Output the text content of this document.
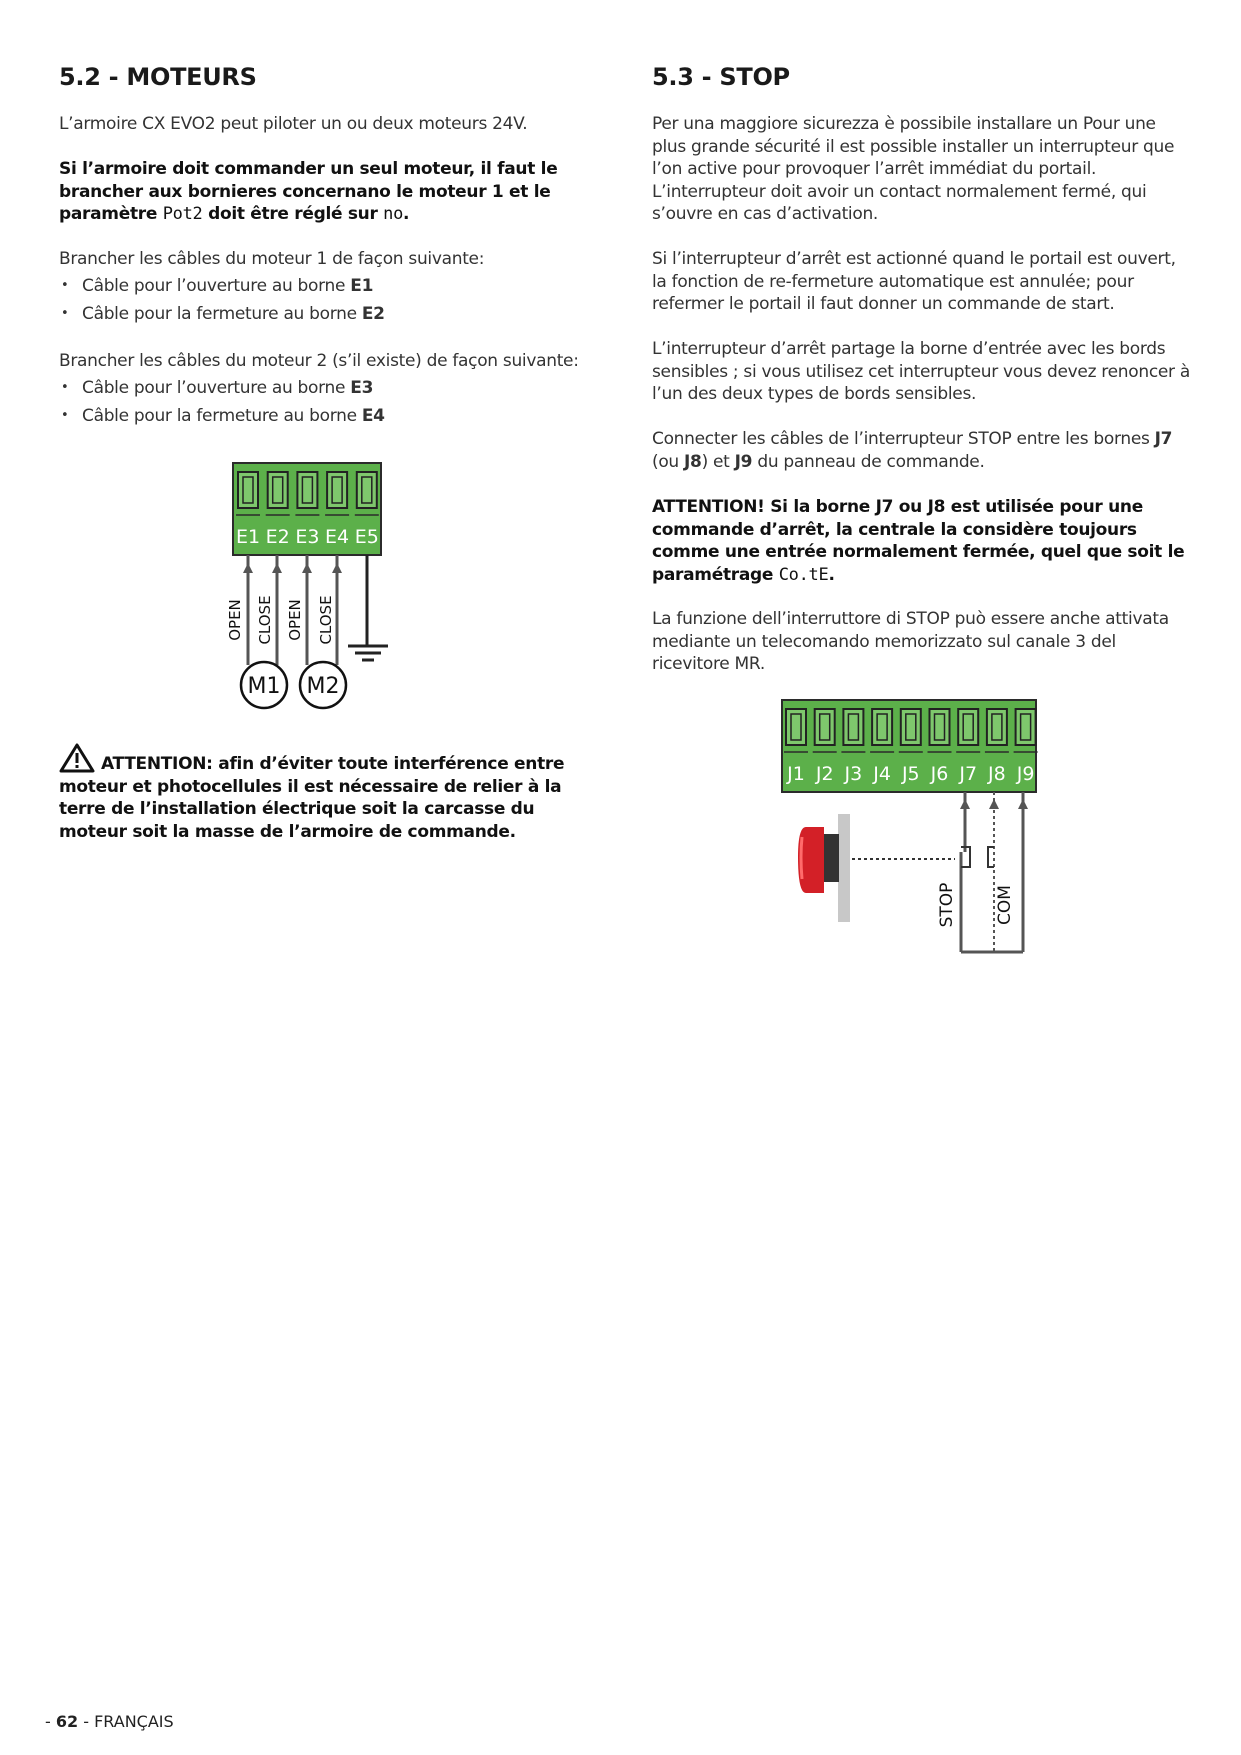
5.2 - MOTEURS

L’armoire CX EVO2 peut piloter un ou deux moteurs 24V.

Si l’armoire doit commander un seul moteur, il faut le brancher aux bornieres concernano le moteur 1 et le paramètre Pot2 doit être réglé sur no.

Brancher les câbles du moteur 1 de façon suivante:

• Câble pour l’ouverture au borne E1
• Câble pour la fermeture au borne E2

Brancher les câbles du moteur 2 (s’il existe) de façon suivante:

• Câble pour l’ouverture au borne E3
• Câble pour la fermeture au borne E4
E1 E2 E3 E4 E5
OPEN CLOSE OPEN CLOSE
M1 M2
ATTENTION: afin d’éviter toute interférence entre moteur et photocellules il est nécessaire de relier à la terre de l’installation électrique soit la carcasse du moteur soit la masse de l’armoire de commande.
5.3 - STOP

Per una maggiore sicurezza è possibile installare un Pour une plus grande sécurité il est possible installer un interrupteur que l’on active pour provoquer l’arrêt immédiat du portail. L’interrupteur doit avoir un contact normalement fermé, qui s’ouvre en cas d’activation.

Si l’interrupteur d’arrêt est actionné quand le portail est ouvert, la fonction de re-fermeture automatique est annulée; pour refermer le portail il faut donner un commande de start.

L’interrupteur d’arrêt partage la borne d’entrée avec les bords sensibles ; si vous utilisez cet interrupteur vous devez renoncer à l’un des deux types de bords sensibles.

Connecter les câbles de l’interrupteur STOP entre les bornes J7 (ou J8) et J9 du panneau de commande.

ATTENTION! Si la borne J7 ou J8 est utilisée pour une commande d’arrêt, la centrale la considère toujours comme une entrée normalement fermée, quel que soit le paramétrage Co.tE.

La funzione dell’interruttore di STOP può essere anche attivata mediante un telecomando memorizzato sul canale 3 del ricevitore MR.

J1 J2 J3 J4 J5 J6 J7 J8 J9
STOP COM
- 62 - FRANÇAIS
